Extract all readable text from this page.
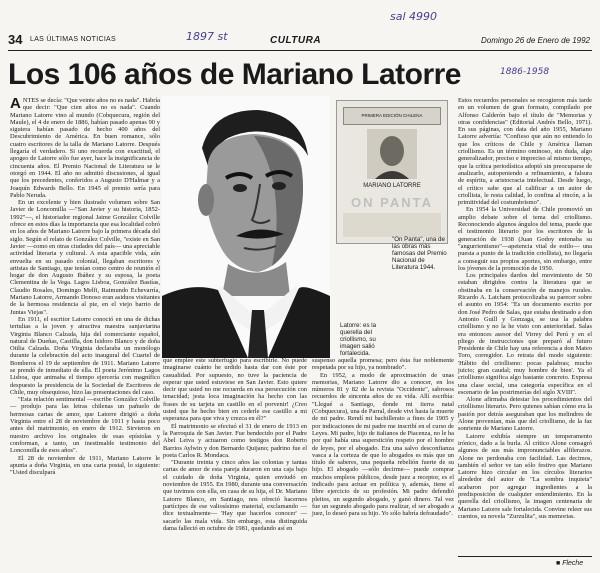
34 LAS ÚLTIMAS NOTICIAS	CULTURA	Domingo 26 de Enero de 1992
1897 st
sal 4990
1886-1958
Los 106 años de Mariano Latorre

ANTES se decía: "Que veinte años no es nada". Habría que decir: "Que cien años no es nada". Cuando Mariano Latorre vino al mundo (Cobquecura, región del Maule), el 4 de enero de 1886, habían pasado apenas 90 y siguiera habían pasado de hecho 400 años del Descubrimiento de América. En buen romance, sólo cuatro escritores de la talla de Mariano Latorre. Después llegaría el verdadero. Si uno recuerda con exactitud, el apogeo de Latorre sólo fue ayer, hace la insignificancia de cincuenta años. El Premio Nacional de Literatura se le otorgó en 1944. El año no admitió discusiones, al igual que los precedentes, conferidos a Augusto D'Halmar y a Joaquín Edwards Bello. En 1945 el premio sería para Pablo Neruda.

En un excelente y bien ilustrado volumen sobre San Javier de Loncomilla —"San Javier y su historia, 1852-1992"—, el historiador regional Jaime González Colville ofrece en estos días la importancia que esa localidad cobró en los años de Mariano Latorre bajo la primera década del siglo. Según el relato de González Colville, "existe en San Javier —como en otras ciudades del país— una apreciable actividad literaria y cultural. A esta apacible vida, aún envuelta en su pasado colonial, llegaban escritores y artistas de Santiago, que tenían como centro de reunión el hogar de don Augusto Ibáñez y su esposa, la poeta Clementina de la Vega. Lagos Lisboa, González Bastías, Claudio Rosales, Domingo Melfi, Raimundo Echevarría, Mariano Latorre, Armando Donoso eran asiduos visitantes de la hermosa residencia al pie, en el viejo barrio de Juntas Viejas".

En 1911, el escritor Latorre conoció en una de dichas tertulias a la joven y atractiva maestra sanjaviarina Virginia Blanco Calzada, hija del comerciante español, natural de Dueñas, Castilla, don Isidoro Blanco y de doña Otilia Calzada. Doña Virginia declaraba un monólogo durante la celebración del acto inaugural del Cuartel de Bomberos el 19 de septiembre de 1911. Mariano Latorre se prendó de inmediato de ella. El poeta Jerónimo Lagos Lisboa, que animaba el tiempo ejercería con magnífico despuesto la presidencia de la Sociedad de Escritores de Chile, muy obsequioso, hizo las presentaciones del caso.

"Esta relación sentimental —escribe González Colville— produjo para las letras chilenas un pañuelo de hermosas cartas de amor, que Latorre dirigió a doña Virginia entre el 28 de noviembre de 1911 y hasta poco antes del matrimonio, en enero de 1912. Sirvieron en nuestro archivo los originales de esas epístolas y conforman, a tanto, un inestimable testimonio del Loncomilla de esos años".

El 28 de noviembre de 1911, Mariano Latorre le apunta a doña Virginia, en una carta postal, lo siguiente: "Usted disculpará

PRIMERA EDICIÓN CHILENA
MARIANO LATORRE
ON PANTA
"On Panta", una de las obras más famosas del Premio Nacional de Literatura 1944.
Latorre: es la querella del criollismo, su imagen salió fortalecida.

que emplee este subterfugio para escribirle. No puede imaginarse cuánto he urdido hasta dar con éste por casualidad. Por supuesto, no tuve la paciencia de esperar que usted estuviese en San Javier. Esto quiere decir que usted no me recuerda en esa persecución con tenacidad; jesta loca imaginación ha hecho con las frases de su tarjeta un castillo en el porvenir! ¿Creo usted que he hecho bien en cederle ese castillo a mi esperanza para que viva y crezca en él?"

El matrimonio se efectuó el 31 de enero de 1913 en la Parroquia de San Javier. Fue bendecido por el Padre Abel Leiva y actuaron como testigos don Roberto Barrios Aylwin y don Bernardo Quijano; padrino fue el poeta Carlos R. Mondaca.

"Durante treinta y cinco años las colonias y tantas cartas de amor de esta pareja duraron en una caja bajo el cuidado de doña Virginia, quien enviudó en noviembre de 1955. En 1980, durante una conversación que tuvimos con ella, en casa de su hija, el Dr. Mariano Latorre Blanco, en Santiago, nos ofreció hacernos partícipes de ese valiosísimo material, exclamando —dice textualmente— 'Hay que hacerlos conocer' —sacarlo las mala vida. Sin embargo, esta distinguida dama falleció en octubre de 1981, quedando así en

suspenso aquella promesa; pero ésta fue noblemente respetada por su hijo, ya nombrado".

En 1952, a modo de aproximación de unas memorias, Mariano Latorre dio a conocer, en los números 81 y 82 de la revista "Occidente", sabrosos recuerdos de sincenta años de su vida. Allí escribía: "Llegué a Santiago, donde mi tierra natal (Cobquecura), una de Parral, desde vivi hasta la muerte de mi padre. Rendí mi bachillerato a fines de 1905 y por indicaciones de mi padre me inscribí en el curso de Leyes. Mi padre, hijo de italianos de Piacenza, no le ha por qué había una superstición respeto por el hombre de leyes, por el abogado. Era una salvo desconfianza vasca a la corteza de que lo abogados es más que un título de saberes, una pequeña rebelión fuerte de su hijo. El abogado —sólo decirme— puede comprar muchos empleos públicos, desde juez a receptor, es el indicado para actuar en política y, además, tiene el libre ejercicio de su profesión. Mi padre defendió pleitos, un segundo abogado, y ganó dinero. Tal vez fue un segundo abogado para realizar, el ser abogado a juez, lo deseó para su hijo. Yo sólo habría defraudado".

Estos recuerdos personales se recogieron más tarde en un volumen de gran formato, compilado por Alfonso Calderón bajo el título de "Memorias y otras confidencias" (Editorial Andrés Bello, 1971). En sus páginas, con data del año 1955, Mariano Latorre advertía: "Confieso que aún no entiendo lo que los críticos de Chile y América llaman criollismo. Es un término ominoso, sin duda, algo generalizador, preciso e impreciso al mismo tiempo, que la crítica periodística adoptó sin preocuparse de analizarlo, autopeniendo a refinamiento, a falsura de espíritu, a aristocracia intelectual. Desde luego, el crítico sabe que al calificar a un autor de criollista, le resta calidad, lo confina al rincón, a la primitividad del costumbrismo".

En 1954 la Universidad de Chile promovió un amplio debate sobre el tema del criollismo. Reconociendo algunos ángulos del tema, puede que el testimonio literario por los escritores de la generación de 1938 (Juan Godoy entonaba su "angurrientismo"—apetencia vital de estilo— una puesta a punto de la tradición criollista), no llegaría a conseguir sus propios aportes, sin embargo, entre los jóvenes de la promoción de 1950.

Los principales dardos del movimiento de 50 estaban dirigidos contra la literatura que se obstinaba en la conservación de manejos rurales. Ricardo A. Latcham protocolizaba su parecer sobre el asunto en 1954: "Es un documento escrito por don José Pedro de Salas, que estaba destinado a don Antonio Guill y Gonzaga, se usa la palabra criollismo y no la he visto con anterioridad. Salas era entonces asesor del Virrey del Perú y en el pliego de instrucciones que preparó al futuro Presidente de Chile hay una referencia a don Mateo Toro, corregidor. Lo retrata del modo siguiente: 'Hábito del criollismo: pocas palabras; mucho juicio; gran caudal; muy hombre de bien'. Ya el criollismo significa algo bastante concreto. Expresa una clase social, una categoría específica en el escenario de las postrimerías del siglo XVIII".

Alone afirmaba detestar los procedimientos del criollismo literario. Pero quienes sabían cómo era la pasión por detrás aseguraban que los melindres de Alone provenían, más que del criollismo, de la faz sonriente de Mariano Latorre.

Latorre exhibía siempre un temperamento irónico, dado a la burla. Al crítico Alone consagró algunos de sus más impronunciables alfilerazos. Alone no perdonaba con facilidad. Las decimos, también el señor ve tan sólo festivo que Mariano Latorre hizo circular en los círculos literarios alrededor del autor de "La sombra inquieta" acabaron por agregar ingredientes a la predisposición de cualquier entendimiento. En la querella del criollismo, la imagen centenaria de Mariano Latorre sale fortalecida. Convine releer sus cuentos, su novela "Zurzulita", sus memorias.

■ Fleche
